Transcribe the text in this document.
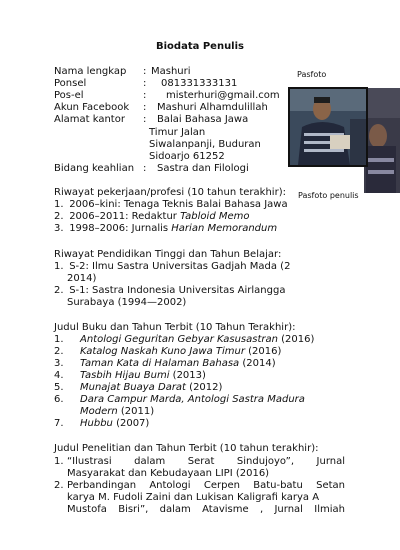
Biodata Penulis
Nama lengkap : Mashuri
Ponsel	: 081331333131
Pos-el	: misterhuri@gmail.com
Akun Facebook : Mashuri Alhamdulillah
Alamat kantor : Balai Bahasa Jawa
Timur Jalan
Siwalanpanji, Buduran
Sidoarjo 61252
Bidang keahlian : Sastra dan Filologi
Pasfoto
Pasfoto penulis
Riwayat pekerjaan/profesi (10 tahun terakhir):
1. 2006–kini: Tenaga Teknis Balai Bahasa Jawa
2. 2006–2011: Redaktur Tabloid Memo
3. 1998–2006: Jurnalis Harian Memorandum
Riwayat Pendidikan Tinggi dan Tahun Belajar:
1. S-2: Ilmu Sastra Universitas Gadjah Mada (2
2014)
2. S-1: Sastra Indonesia Universitas Airlangga
Surabaya (1994—2002)
Judul Buku dan Tahun Terbit (10 Tahun Terakhir):
1. Antologi Geguritan Gebyar Kasusastran (2016)
2. Katalog Naskah Kuno Jawa Timur (2016)
3. Taman Kata di Halaman Bahasa (2014)
4. Tasbih Hijau Bumi (2013)
5. Munajat Buaya Darat (2012)
6. Dara Campur Marda, Antologi Sastra Madura
Modern (2011)
7. Hubbu (2007)
Judul Penelitian dan Tahun Terbit (10 tahun terakhir):
1. “Ilustrasi dalam Serat Sindujoyo”, Jurnal
Masyarakat dan Kebudayaan LIPI (2016)
2. Perbandingan Antologi Cerpen Batu-batu Setan
karya M. Fudoli Zaini dan Lukisan Kaligrafi karya A
Mustofa Bisri”, dalam Atavisme , Jurnal Ilmiah
